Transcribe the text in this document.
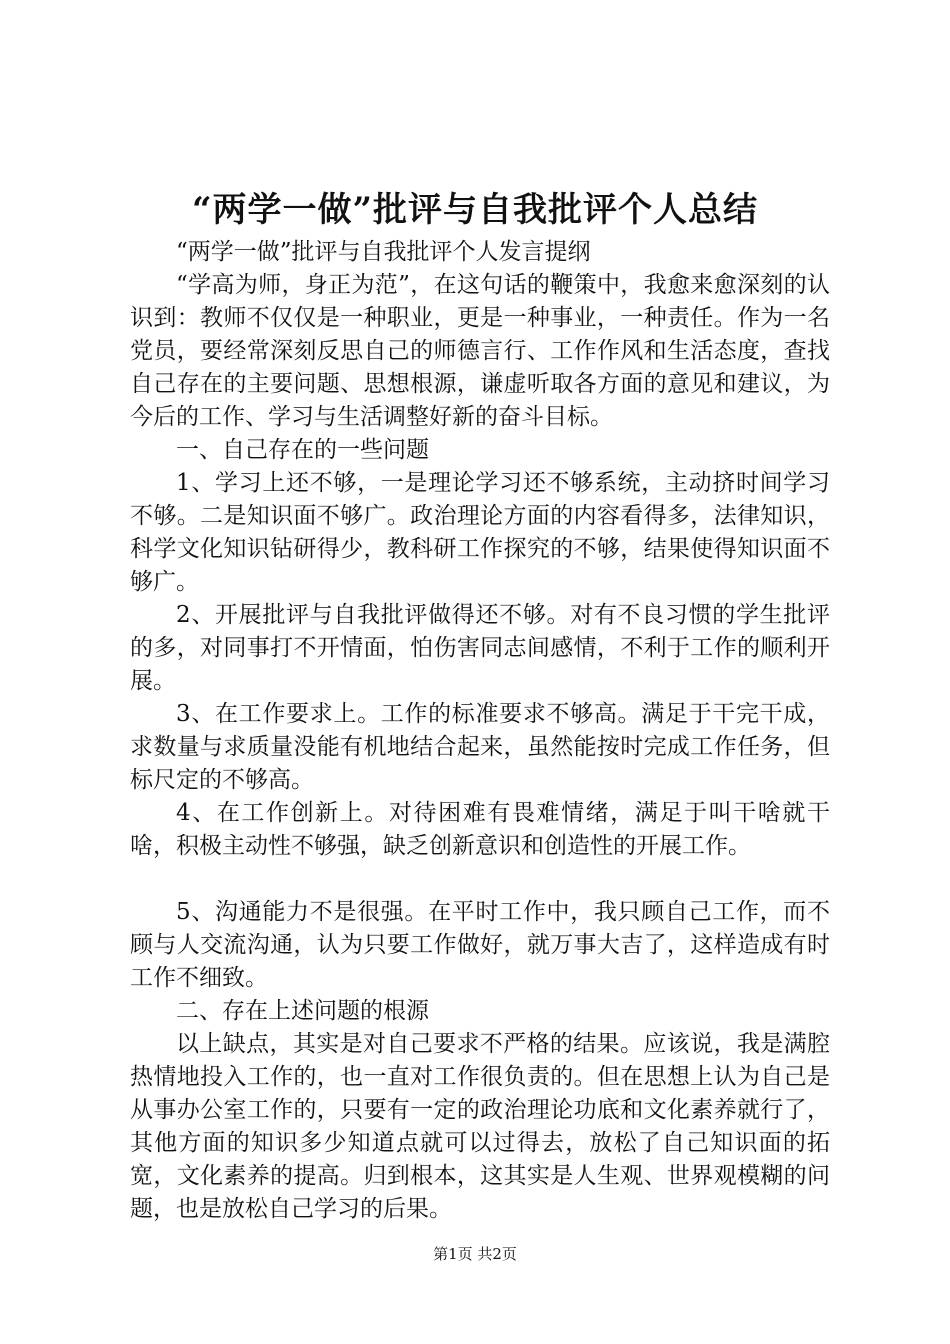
“两学一做”批评与自我批评个人总结

“两学一做”批评与自我批评个人发言提纲

“学高为师，身正为范”，在这句话的鞭策中，我愈来愈深刻的认识到：教师不仅仅是一种职业，更是一种事业，一种责任。作为一名党员，要经常深刻反思自己的师德言行、工作作风和生活态度，查找自己存在的主要问题、思想根源，谦虚听取各方面的意见和建议，为今后的工作、学习与生活调整好新的奋斗目标。

一、自己存在的一些问题

1、学习上还不够，一是理论学习还不够系统，主动挤时间学习不够。二是知识面不够广。政治理论方面的内容看得多，法律知识，科学文化知识钻研得少，教科研工作探究的不够，结果使得知识面不够广。

2、开展批评与自我批评做得还不够。对有不良习惯的学生批评的多，对同事打不开情面，怕伤害同志间感情，不利于工作的顺利开展。

3、在工作要求上。工作的标准要求不够高。满足于干完干成，求数量与求质量没能有机地结合起来，虽然能按时完成工作任务，但标尺定的不够高。

4、在工作创新上。对待困难有畏难情绪，满足于叫干啥就干啥，积极主动性不够强，缺乏创新意识和创造性的开展工作。

5、沟通能力不是很强。在平时工作中，我只顾自己工作，而不顾与人交流沟通，认为只要工作做好，就万事大吉了，这样造成有时工作不细致。

二、存在上述问题的根源

以上缺点，其实是对自己要求不严格的结果。应该说，我是满腔热情地投入工作的，也一直对工作很负责的。但在思想上认为自己是从事办公室工作的，只要有一定的政治理论功底和文化素养就行了，其他方面的知识多少知道点就可以过得去，放松了自己知识面的拓宽，文化素养的提高。归到根本，这其实是人生观、世界观模糊的问题，也是放松自己学习的后果。

第1页 共2页
